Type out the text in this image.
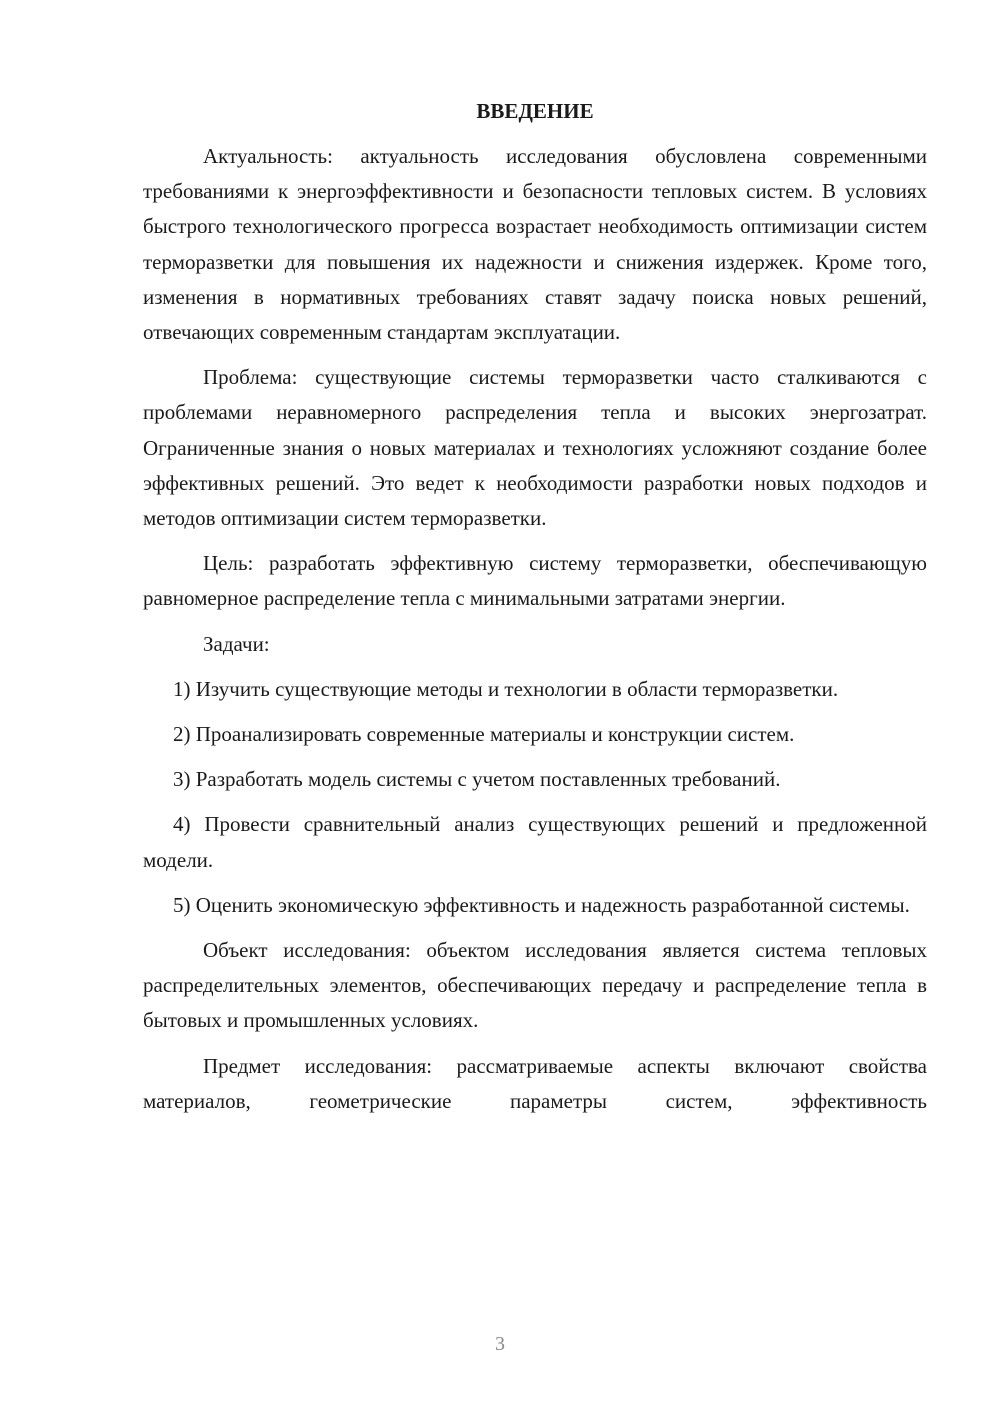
ВВЕДЕНИЕ

Актуальность: актуальность исследования обусловлена современными требованиями к энергоэффективности и безопасности тепловых систем. В условиях быстрого технологического прогресса возрастает необходимость оптимизации систем терморазветки для повышения их надежности и снижения издержек. Кроме того, изменения в нормативных требованиях ставят задачу поиска новых решений, отвечающих современным стандартам эксплуатации.

Проблема: существующие системы терморазветки часто сталкиваются с проблемами неравномерного распределения тепла и высоких энергозатрат. Ограниченные знания о новых материалах и технологиях усложняют создание более эффективных решений. Это ведет к необходимости разработки новых подходов и методов оптимизации систем терморазветки.

Цель: разработать эффективную систему терморазветки, обеспечивающую равномерное распределение тепла с минимальными затратами энергии.

Задачи:

1) Изучить существующие методы и технологии в области терморазветки.

2) Проанализировать современные материалы и конструкции систем.

3) Разработать модель системы с учетом поставленных требований.

4) Провести сравнительный анализ существующих решений и предложенной модели.

5) Оценить экономическую эффективность и надежность разработанной системы.

Объект исследования: объектом исследования является система тепловых распределительных элементов, обеспечивающих передачу и распределение тепла в бытовых и промышленных условиях.

Предмет исследования: рассматриваемые аспекты включают свойства материалов, геометрические параметры систем, эффективность

3
